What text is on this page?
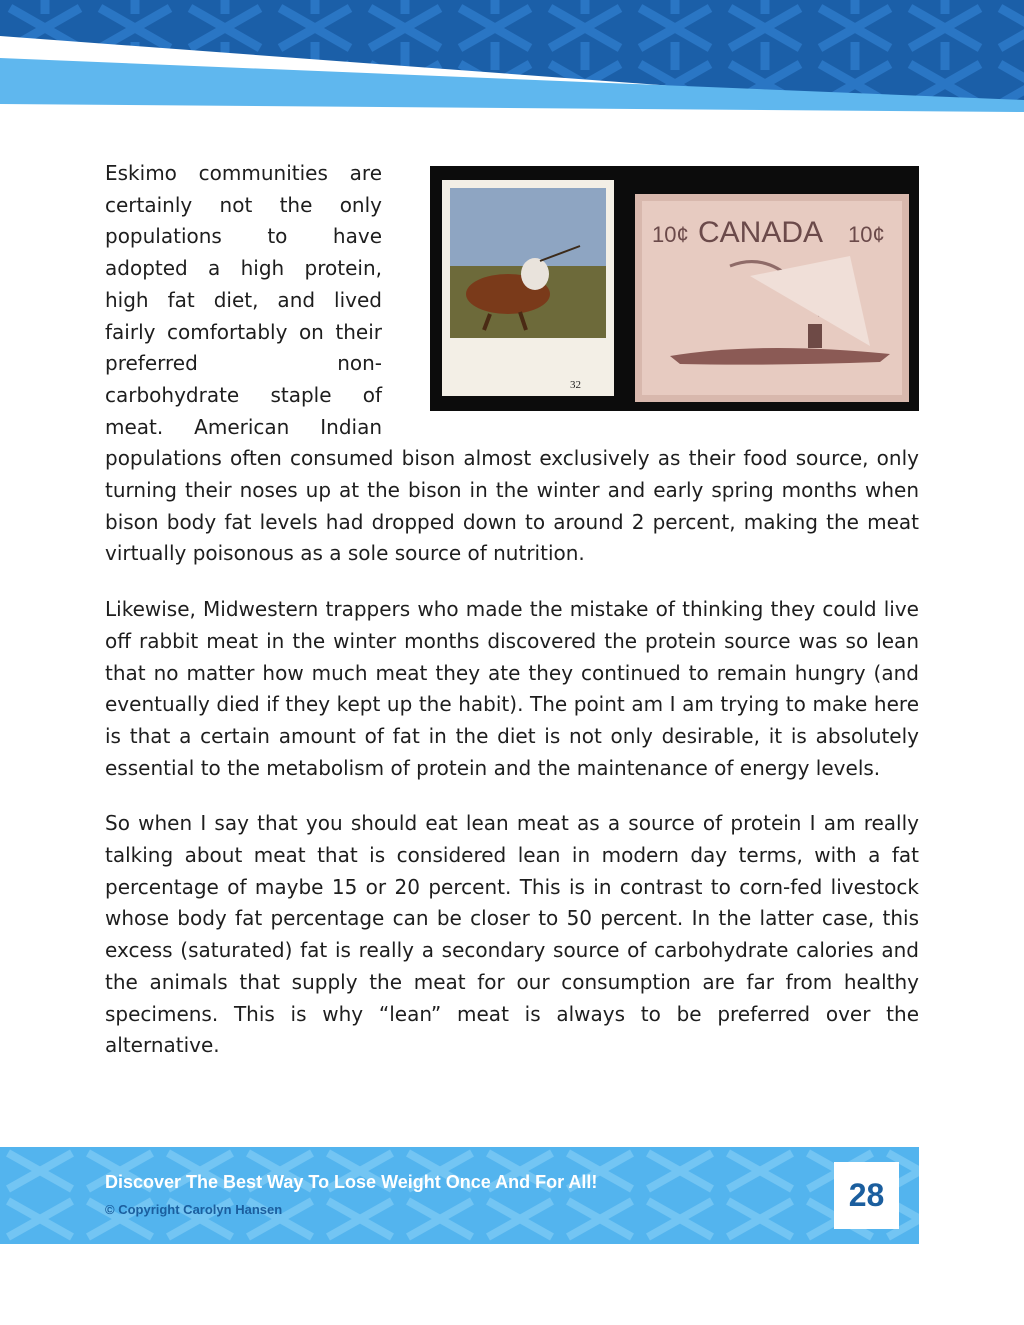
32
10¢ CANADA 10¢

Eskimo communities are certainly not the only populations to have adopted a high protein, high fat diet, and lived fairly comfortably on their preferred non-carbohydrate staple of meat. American Indian populations often consumed bison almost exclusively as their food source, only turning their noses up at the bison in the winter and early spring months when bison body fat levels had dropped down to around 2 percent, making the meat virtually poisonous as a sole source of nutrition.

Likewise, Midwestern trappers who made the mistake of thinking they could live off rabbit meat in the winter months discovered the protein source was so lean that no matter how much meat they ate they continued to remain hungry (and eventually died if they kept up the habit). The point am I am trying to make here is that a certain amount of fat in the diet is not only desirable, it is absolutely essential to the metabolism of protein and the maintenance of energy levels.

So when I say that you should eat lean meat as a source of protein I am really talking about meat that is considered lean in modern day terms, with a fat percentage of maybe 15 or 20 percent. This is in contrast to corn-fed livestock whose body fat percentage can be closer to 50 percent. In the latter case, this excess (saturated) fat is really a secondary source of carbohydrate calories and the animals that supply the meat for our consumption are far from healthy specimens. This is why “lean” meat is always to be preferred over the alternative.

Discover The Best Way To Lose Weight Once And For All!
© Copyright Carolyn Hansen	28
